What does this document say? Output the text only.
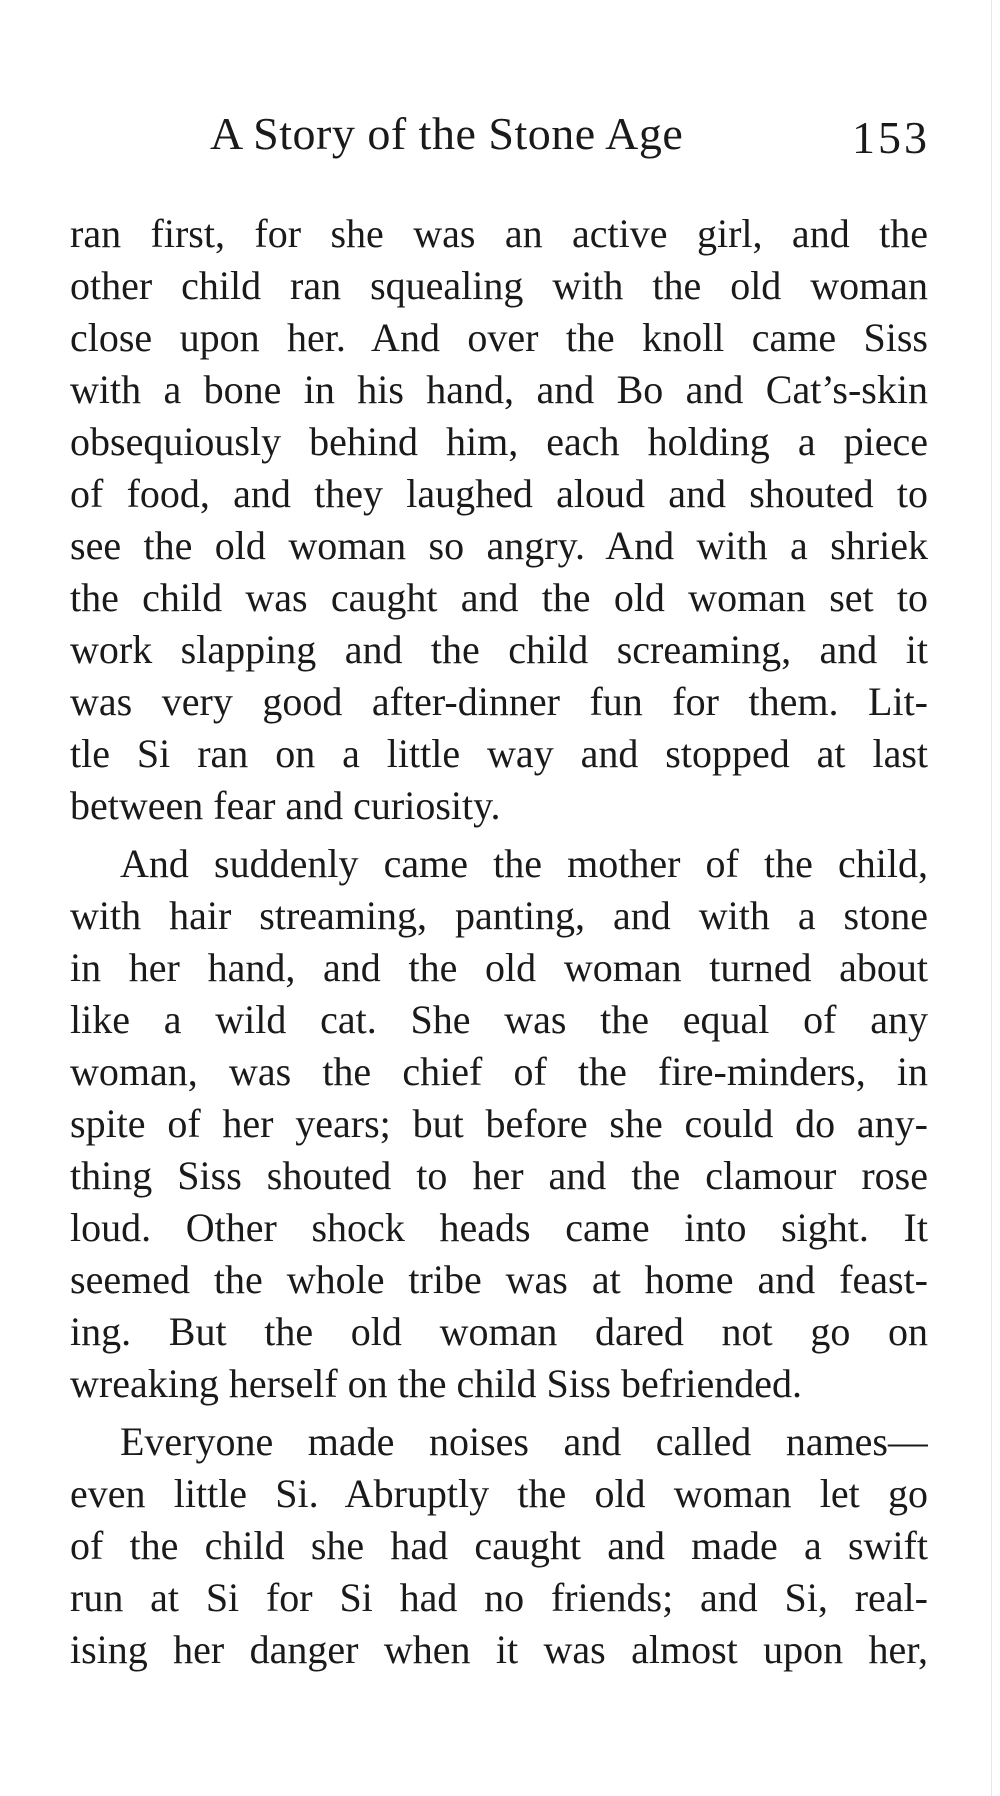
A Story of the Stone Age	153
ran first, for she was an active girl, and the
other child ran squealing with the old woman
close upon her. And over the knoll came Siss
with a bone in his hand, and Bo and Cat’s-skin
obsequiously behind him, each holding a piece
of food, and they laughed aloud and shouted to
see the old woman so angry. And with a shriek
the child was caught and the old woman set to
work slapping and the child screaming, and it
was very good after-dinner fun for them. Lit-
tle Si ran on a little way and stopped at last
between fear and curiosity.
And suddenly came the mother of the child,
with hair streaming, panting, and with a stone
in her hand, and the old woman turned about
like a wild cat. She was the equal of any
woman, was the chief of the fire-minders, in
spite of her years; but before she could do any-
thing Siss shouted to her and the clamour rose
loud. Other shock heads came into sight. It
seemed the whole tribe was at home and feast-
ing. But the old woman dared not go on
wreaking herself on the child Siss befriended.
Everyone made noises and called names—
even little Si. Abruptly the old woman let go
of the child she had caught and made a swift
run at Si for Si had no friends; and Si, real-
ising her danger when it was almost upon her,
